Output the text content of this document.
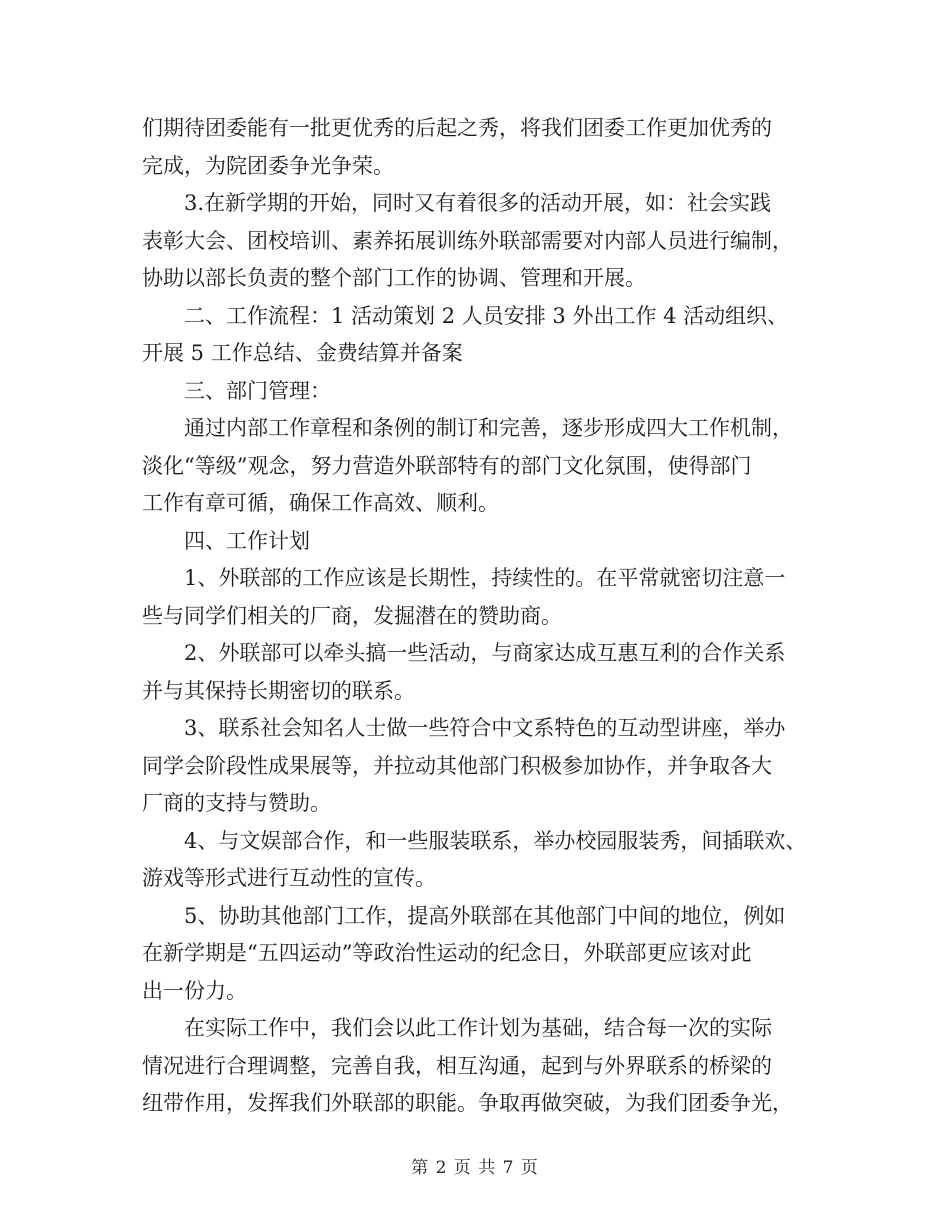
们期待团委能有一批更优秀的后起之秀，将我们团委工作更加优秀的
完成，为院团委争光争荣。
3.在新学期的开始，同时又有着很多的活动开展，如：社会实践
表彰大会、团校培训、素养拓展训练外联部需要对内部人员进行编制，
协助以部长负责的整个部门工作的协调、管理和开展。
二、工作流程：1 活动策划 2 人员安排 3 外出工作 4 活动组织、
开展 5 工作总结、金费结算并备案
三、部门管理：
通过内部工作章程和条例的制订和完善，逐步形成四大工作机制，
淡化“等级”观念，努力营造外联部特有的部门文化氛围，使得部门
工作有章可循，确保工作高效、顺利。
四、工作计划
1、外联部的工作应该是长期性，持续性的。在平常就密切注意一
些与同学们相关的厂商，发掘潜在的赞助商。
2、外联部可以牵头搞一些活动，与商家达成互惠互利的合作关系
并与其保持长期密切的联系。
3、联系社会知名人士做一些符合中文系特色的互动型讲座，举办
同学会阶段性成果展等，并拉动其他部门积极参加协作，并争取各大
厂商的支持与赞助。
4、与文娱部合作，和一些服装联系，举办校园服装秀，间插联欢、
游戏等形式进行互动性的宣传。
5、协助其他部门工作，提高外联部在其他部门中间的地位，例如
在新学期是“五四运动”等政治性运动的纪念日，外联部更应该对此
出一份力。
在实际工作中，我们会以此工作计划为基础，结合每一次的实际
情况进行合理调整，完善自我，相互沟通，起到与外界联系的桥梁的
纽带作用，发挥我们外联部的职能。争取再做突破，为我们团委争光，
第 2 页 共 7 页
